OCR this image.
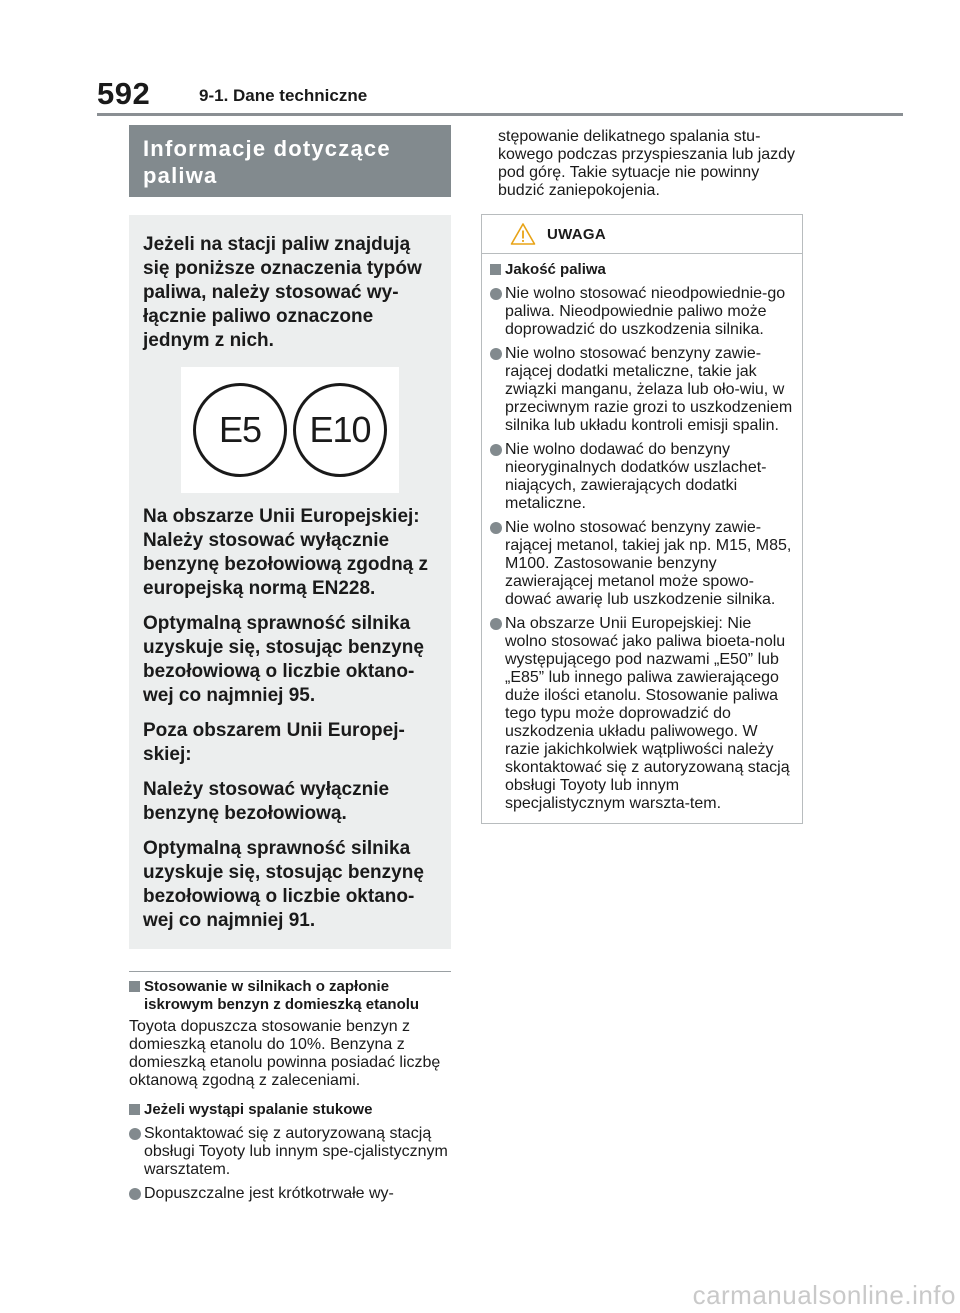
592	9-1. Dane techniczne
Informacje dotyczące
paliwa

Jeżeli na stacji paliw znajdują się poniższe oznaczenia typów paliwa, należy stosować wy-łącznie paliwo oznaczone jednym z nich.

E5	E10

Na obszarze Unii Europejskiej: Należy stosować wyłącznie benzynę bezołowiową zgodną z europejską normą EN228.

Optymalną sprawność silnika uzyskuje się, stosując benzynę bezołowiową o liczbie oktano-wej co najmniej 95.

Poza obszarem Unii Europej-skiej:

Należy stosować wyłącznie benzynę bezołowiową.

Optymalną sprawność silnika uzyskuje się, stosując benzynę bezołowiową o liczbie oktano-wej co najmniej 91.

Stosowanie w silnikach o zapłonie iskrowym benzyn z domieszką etanolu

Toyota dopuszcza stosowanie benzyn z domieszką etanolu do 10%. Benzyna z domieszką etanolu powinna posiadać liczbę oktanową zgodną z zaleceniami.

Jeżeli wystąpi spalanie stukowe
Skontaktować się z autoryzowaną stacją obsługi Toyoty lub innym spe-cjalistycznym warsztatem.
Dopuszczalne jest krótkotrwałe wy-

stępowanie delikatnego spalania stu-kowego podczas przyspieszania lub jazdy pod górę. Takie sytuacje nie powinny budzić zaniepokojenia.

UWAGA
Jakość paliwa
Nie wolno stosować nieodpowiednie-go paliwa. Nieodpowiednie paliwo może doprowadzić do uszkodzenia silnika.
Nie wolno stosować benzyny zawie-rającej dodatki metaliczne, takie jak związki manganu, żelaza lub oło-wiu, w przeciwnym razie grozi to uszkodzeniem silnika lub układu kontroli emisji spalin.
Nie wolno dodawać do benzyny nieoryginalnych dodatków uszlachet-niających, zawierających dodatki metaliczne.
Nie wolno stosować benzyny zawie-rającej metanol, takiej jak np. M15, M85, M100. Zastosowanie benzyny zawierającej metanol może spowo-dować awarię lub uszkodzenie silnika.
Na obszarze Unii Europejskiej: Nie wolno stosować jako paliwa bioeta-nolu występującego pod nazwami „E50” lub „E85” lub innego paliwa zawierającego duże ilości etanolu. Stosowanie paliwa tego typu może doprowadzić do uszkodzenia układu paliwowego. W razie jakichkolwiek wątpliwości należy skontaktować się z autoryzowaną stacją obsługi Toyoty lub innym specjalistycznym warszta-tem.
carmanualsonline.info
